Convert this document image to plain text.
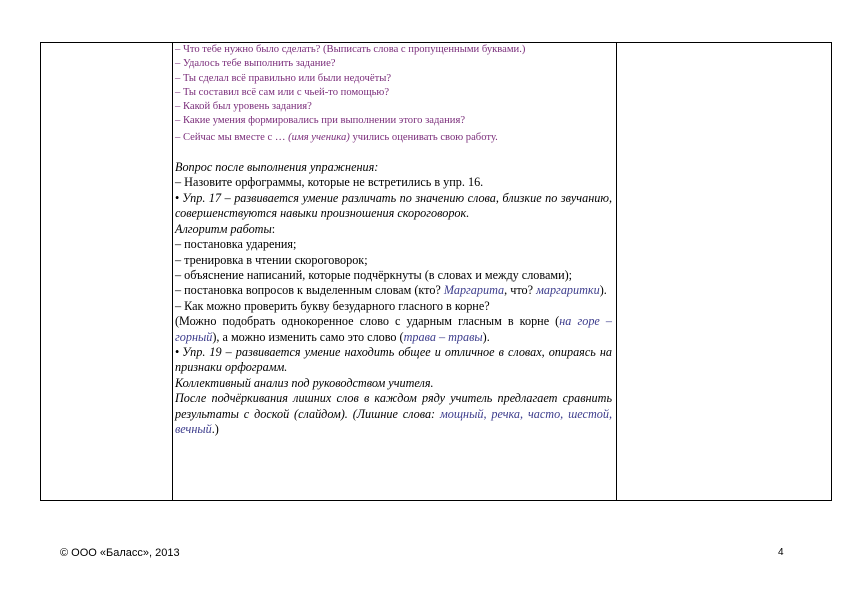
– Что тебе нужно было сделать? (Выписать слова с пропущенными буквами.)
– Удалось тебе выполнить задание?
– Ты сделал всё правильно или были недочёты?
– Ты составил всё сам или с чьей-то помощью?
– Какой был уровень задания?
– Какие умения формировались при выполнении этого задания?
– Сейчас мы вместе с … (имя ученика) учились оценивать свою работу.

Вопрос после выполнения упражнения:

– Назовите орфограммы, которые не встретились в упр. 16.

• Упр. 17 – развивается умение различать по значению слова, близкие по звучанию, совершенствуются навыки произношения скороговорок.

Алгоритм работы:

– постановка ударения;

– тренировка в чтении скороговорок;

– объяснение написаний, которые подчёркнуты (в словах и между словами);

– постановка вопросов к выделенным словам (кто? Маргарита, что? маргаритки).

– Как можно проверить букву безударного гласного в корне?

(Можно подобрать однокоренное слово с ударным гласным в корне (на горе – горный), а можно изменить само это слово (трава – травы).

• Упр. 19 – развивается умение находить общее и отличное в словах, опираясь на признаки орфограмм.

Коллективный анализ под руководством учителя.

После подчёркивания лишних слов в каждом ряду учитель предлагает сравнить результаты с доской (слайдом). (Лишние слова: мощный, речка, часто, шестой, вечный.)

© ООО «Баласс», 2013	4
